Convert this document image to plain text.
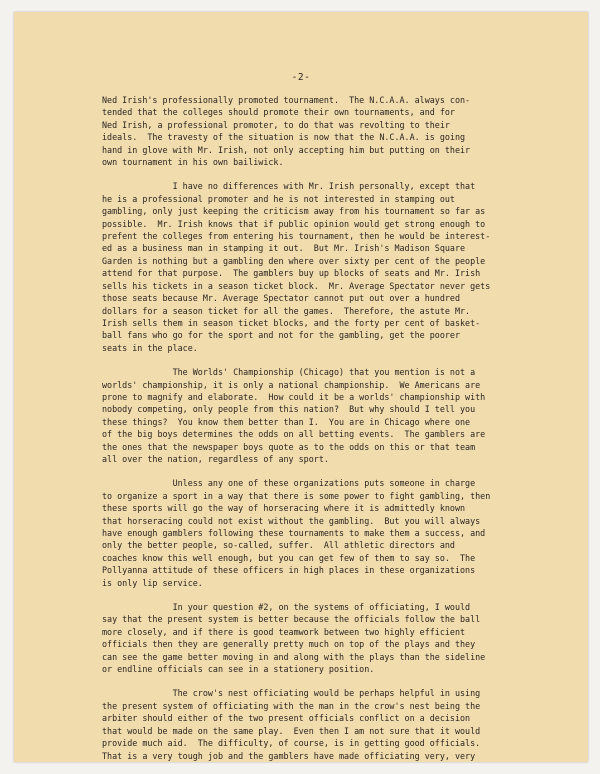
-2-
Ned Irish's professionally promoted tournament.  The N.C.A.A. always con-
tended that the colleges should promote their own tournaments, and for
Ned Irish, a professional promoter, to do that was revolting to their
ideals.  The travesty of the situation is now that the N.C.A.A. is going
hand in glove with Mr. Irish, not only accepting him but putting on their
own tournament in his own bailiwick.
I have no differences with Mr. Irish personally, except that
he is a professional promoter and he is not interested in stamping out
gambling, only just keeping the criticism away from his tournament so far as
possible.  Mr. Irish knows that if public opinion would get strong enough to
prefent the colleges from entering his tournament, then he would be interest-
ed as a business man in stamping it out.  But Mr. Irish's Madison Square
Garden is nothing but a gambling den where over sixty per cent of the people
attend for that purpose.  The gamblers buy up blocks of seats and Mr. Irish
sells his tickets in a season ticket block.  Mr. Average Spectator never gets
those seats because Mr. Average Spectator cannot put out over a hundred
dollars for a season ticket for all the games.  Therefore, the astute Mr.
Irish sells them in season ticket blocks, and the forty per cent of basket-
ball fans who go for the sport and not for the gambling, get the poorer
seats in the place.
The Worlds' Championship (Chicago) that you mention is not a
worlds' championship, it is only a national championship.  We Americans are
prone to magnify and elaborate.  How could it be a worlds' championship with
nobody competing, only people from this nation?  But why should I tell you
these things?  You know them better than I.  You are in Chicago where one
of the big boys determines the odds on all betting events.  The gamblers are
the ones that the newspaper boys quote as to the odds on this or that team
all over the nation, regardless of any sport.
Unless any one of these organizations puts someone in charge
to organize a sport in a way that there is some power to fight gambling, then
these sports will go the way of horseracing where it is admittedly known
that horseracing could not exist without the gambling.  But you will always
have enough gamblers following these tournaments to make them a success, and
only the better people, so-called, suffer.  All athletic directors and
coaches know this well enough, but you can get few of them to say so.  The
Pollyanna attitude of these officers in high places in these organizations
is only lip service.
In your question #2, on the systems of officiating, I would
say that the present system is better because the officials follow the ball
more closely, and if there is good teamwork between two highly efficient
officials then they are generally pretty much on top of the plays and they
can see the game better moving in and along with the plays than the sideline
or endline officials can see in a stationery position.
The crow's nest officiating would be perhaps helpful in using
the present system of officiating with the man in the crow's nest being the
arbiter should either of the two present officials conflict on a decision
that would be made on the same play.  Even then I am not sure that it would
provide much aid.  The difficulty, of course, is in getting good officials.
That is a very tough job and the gamblers have made officiating very, very
